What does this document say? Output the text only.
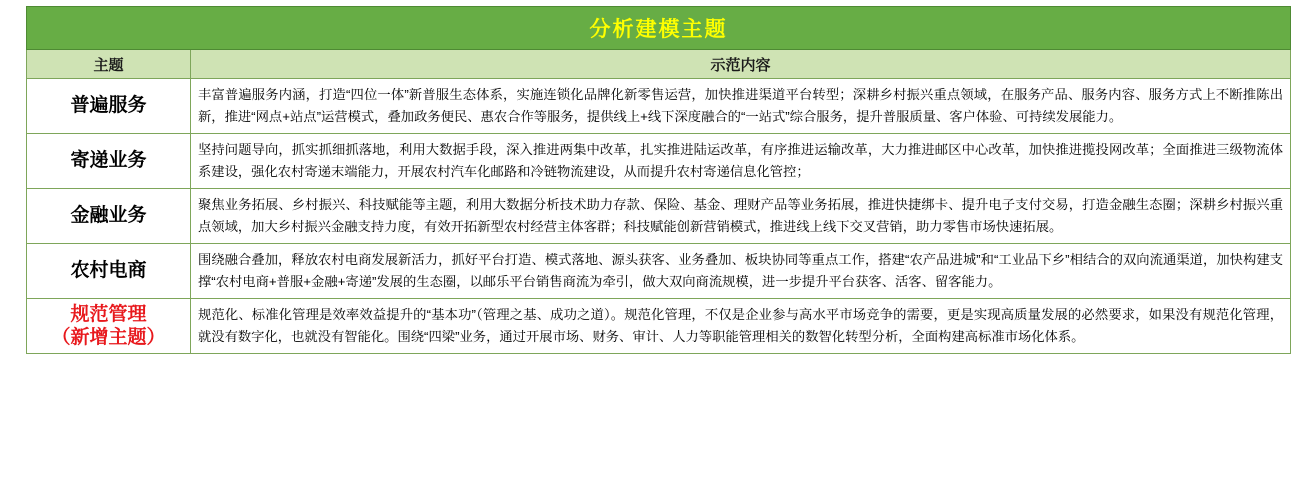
分析建模主题	
主题	示范内容
普遍服务	丰富普遍服务内涵，打造“四位一体”新普服生态体系，实施连锁化品牌化新零售运营，加快推进渠道平台转型；深耕乡村振兴重点领域，在服务产品、服务内容、服务方式上不断推陈出新，推进“网点+站点”运营模式，叠加政务便民、惠农合作等服务，提供线上+线下深度融合的“一站式”综合服务，提升普服质量、客户体验、可持续发展能力。
寄递业务	坚持问题导向，抓实抓细抓落地，利用大数据手段，深入推进两集中改革，扎实推进陆运改革，有序推进运输改革，大力推进邮区中心改革，加快推进揽投网改革；全面推进三级物流体系建设，强化农村寄递末端能力，开展农村汽车化邮路和冷链物流建设，从而提升农村寄递信息化管控；
金融业务	聚焦业务拓展、乡村振兴、科技赋能等主题，利用大数据分析技术助力存款、保险、基金、理财产品等业务拓展，推进快捷绑卡、提升电子支付交易，打造金融生态圈；深耕乡村振兴重点领域，加大乡村振兴金融支持力度，有效开拓新型农村经营主体客群；科技赋能创新营销模式，推进线上线下交叉营销，助力零售市场快速拓展。
农村电商	围绕融合叠加，释放农村电商发展新活力，抓好平台打造、模式落地、源头获客、业务叠加、板块协同等重点工作，搭建“农产品进城”和“工业品下乡”相结合的双向流通渠道，加快构建支撑“农村电商+普服+金融+寄递”发展的生态圈，以邮乐平台销售商流为牵引，做大双向商流规模，进一步提升平台获客、活客、留客能力。
规范管理
（新增主题）	规范化、标准化管理是效率效益提升的“基本功”（管理之基、成功之道）。规范化管理，不仅是企业参与高水平市场竞争的需要，更是实现高质量发展的必然要求，如果没有规范化管理，就没有数字化，也就没有智能化。围绕“四梁”业务，通过开展市场、财务、审计、人力等职能管理相关的数智化转型分析，全面构建高标准市场化体系。
